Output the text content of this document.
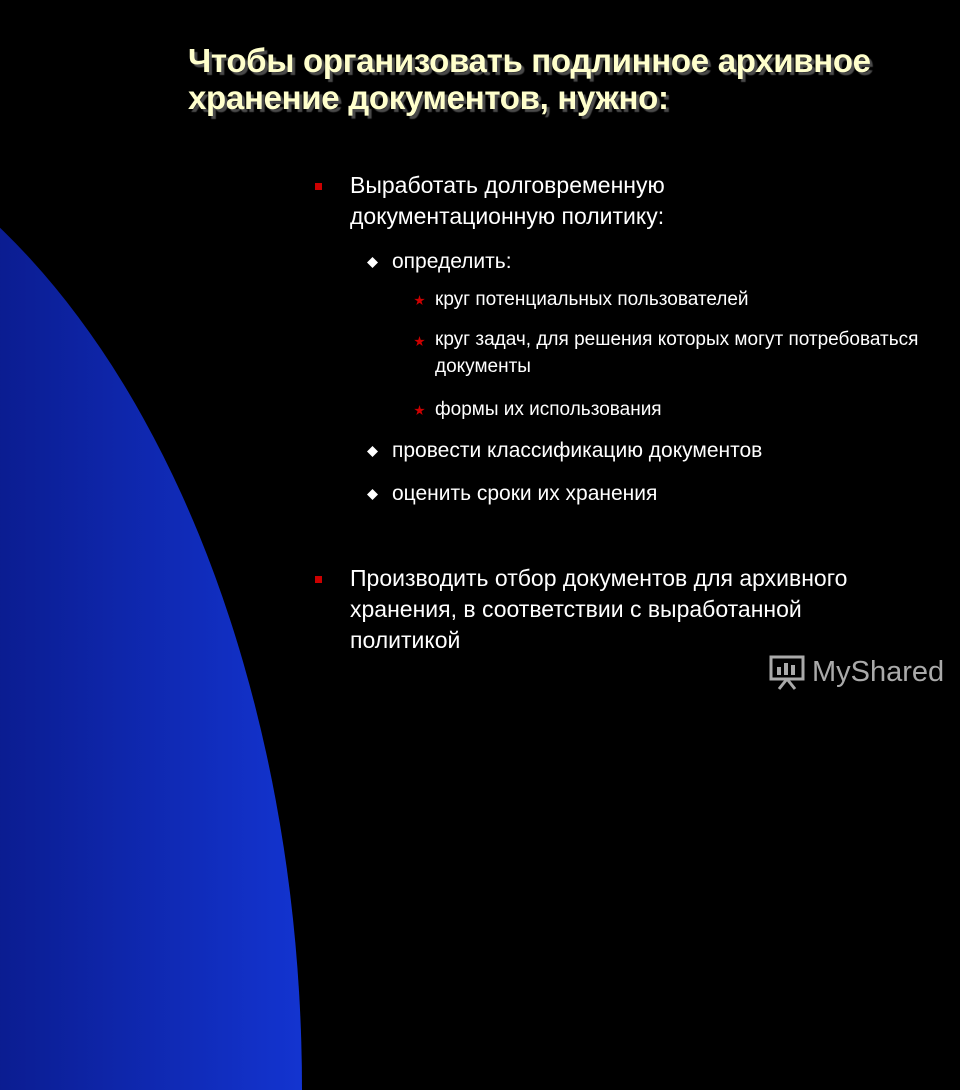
Чтобы организовать подлинное архивное хранение документов, нужно:
Выработать долговременную документационную политику:
определить:
круг потенциальных пользователей
круг задач, для решения которых могут потребоваться документы
формы их использования
провести классификацию документов
оценить сроки их хранения
Производить отбор документов для архивного хранения, в соответствии с выработанной политикой
MyShared
